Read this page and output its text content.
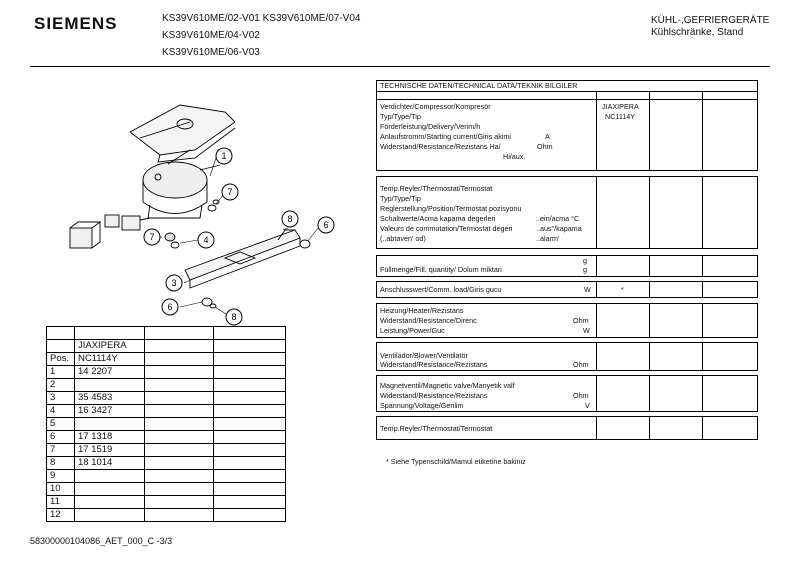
SIEMENS	KS39V610ME/02-V01 KS39V610ME/07-V04
KS39V610ME/04-V02
KS39V610ME/06-V03
KÜHL-,GEFRIERGERÄTE
Kühlschränke, Stand
1
7
7	4
8
6
3
6
8

	JIAXIPERA		
Pos.	NC1114Y		
1	14 2207		
2			
3	35 4583		
4	16 3427		
5			
6	17 1318		
7	17 1519		
8	18 1014		
9			
10			
11			
12			
TECHNISCHE DATEN/TECHNICAL DATA/TEKNIK BILGILER
Verdichter/Compressor/Kompresör
Typ/Type/Tip
Förderleistung/Delivery/Verim/h
Anlaufstromm/Starting current/Giris akimi	A
Widerstand/Resistance/Rezistans Ha/	Ohm
Hi/aux.
JIAXIPERA
NC1114Y
Temp.Reyler/Thermostat/Termostat
Typ/Type/Tip
Reglerstellung/Position/Termostat pozisyonu
Schaltwerte/Acma kapama degerleri	..ein/acma °C
Valeurs de commutation/Termostat degeri	..aus"/kapama
(..abtaven' od)	..alarm'
g
Füllmenge/Fill. quantity/ Dolum miktari	g
Anschlusswert/Comm. load/Giris gucu	W	*
Heizung/Heater/Rezistans
Widerstand/Resistance/Direnc	Ohm
Leistung/Power/Guc	W
Ventilador/Blower/Ventilatör
Widerstand/Resistance/Rezistans	Ohm
Magnetventil/Magnetic valve/Manyetik valf
Widerstand/Resistance/Rezistans	Ohm
Spannung/Voltage/Gerilim	V
Temp.Reyler/Thermostat/Termostat
* Siehe Typenschild/Mamul etiketine bakiniz
58300000104086_AET_000_C -3/3
